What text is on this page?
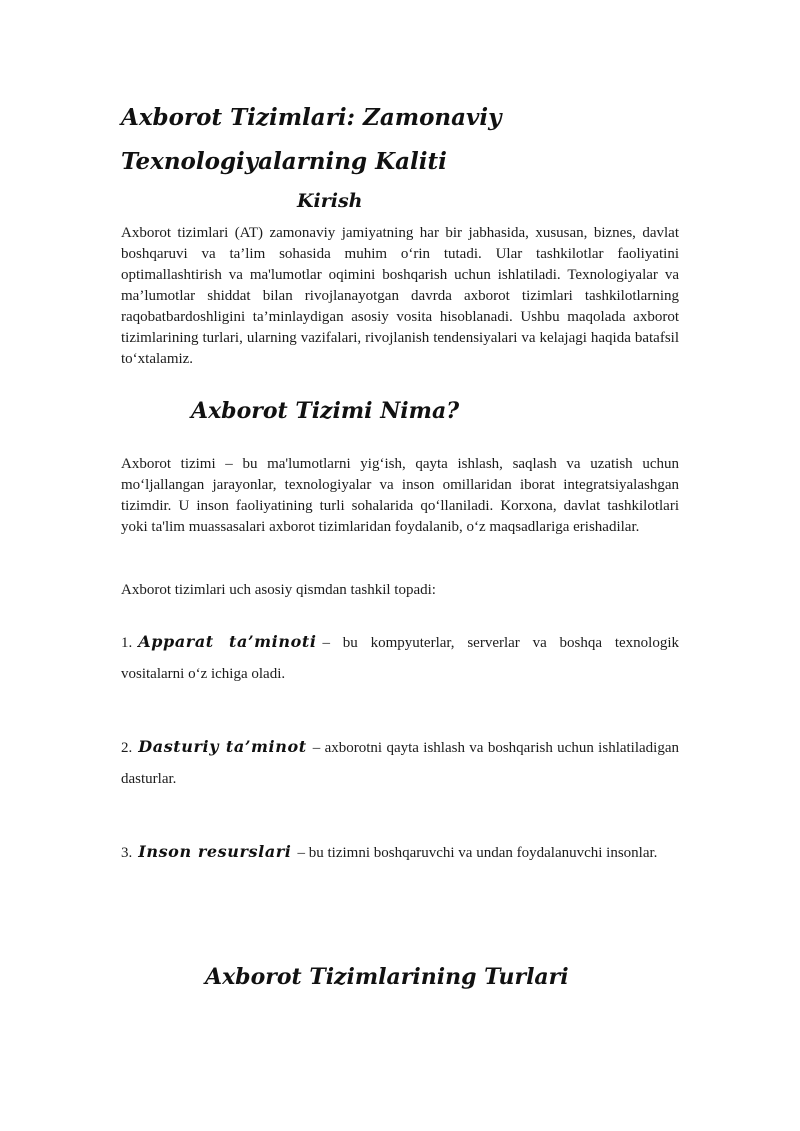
Axborot Tizimlari: Zamonaviy Texnologiyalarning Kaliti
Kirish

Axborot tizimlari (AT) zamonaviy jamiyatning har bir jabhasida, xususan, biznes, davlat boshqaruvi va ta’lim sohasida muhim o‘rin tutadi. Ular tashkilotlar faoliyatini optimallashtirish va ma'lumotlar oqimini boshqarish uchun ishlatiladi. Texnologiyalar va ma’lumotlar shiddat bilan rivojlanayotgan davrda axborot tizimlari tashkilotlarning raqobatbardoshligini ta’minlaydigan asosiy vosita hisoblanadi. Ushbu maqolada axborot tizimlarining turlari, ularning vazifalari, rivojlanish tendensiyalari va kelajagi haqida batafsil to‘xtalamiz.

Axborot Tizimi Nima?

Axborot tizimi – bu ma'lumotlarni yig‘ish, qayta ishlash, saqlash va uzatish uchun mo‘ljallangan jarayonlar, texnologiyalar va inson omillaridan iborat integratsiyalashgan tizimdir. U inson faoliyatining turli sohalarida qo‘llaniladi. Korxona, davlat tashkilotlari yoki ta'lim muassasalari axborot tizimlaridan foydalanib, o‘z maqsadlariga erishadilar.

Axborot tizimlari uch asosiy qismdan tashkil topadi:

1. Apparat ta’minoti – bu kompyuterlar, serverlar va boshqa texnologik vositalarni o‘z ichiga oladi.

2. Dasturiy ta’minot – axborotni qayta ishlash va boshqarish uchun ishlatiladigan dasturlar.

3. Inson resurslari – bu tizimni boshqaruvchi va undan foydalanuvchi insonlar.

Axborot Tizimlarining Turlari
